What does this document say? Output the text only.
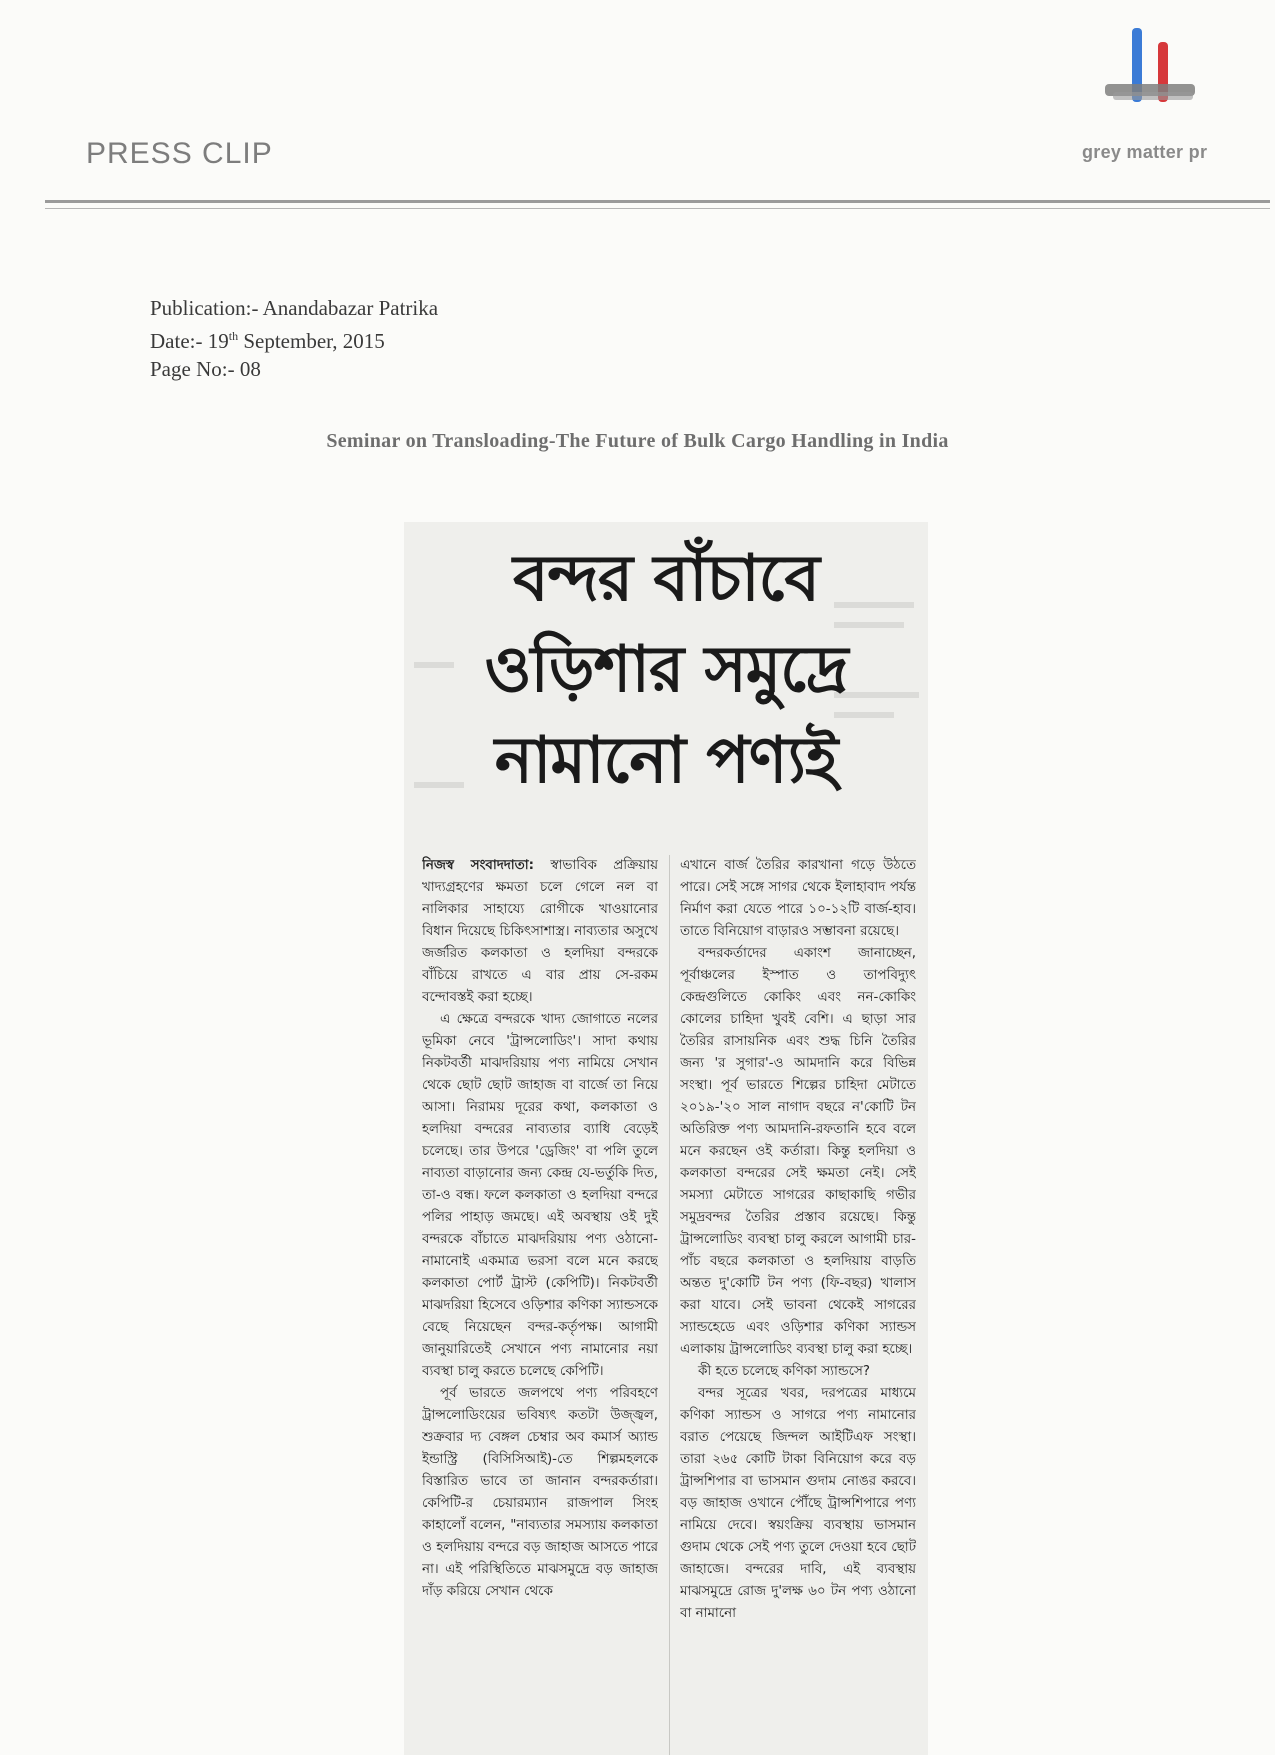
PRESS CLIP	grey matter pr
Publication:- Anandabazar Patrika
Date:- 19th September, 2015
Page No:- 08
Seminar on Transloading-The Future of Bulk Cargo Handling in India
বন্দর বাঁচাবে
ওড়িশার সমুদ্রে
নামানো পণ্যই

নিজস্ব সংবাদদাতা: স্বাভাবিক প্রক্রিয়ায় খাদ্যগ্রহণের ক্ষমতা চলে গেলে নল বা নালিকার সাহায্যে রোগীকে খাওয়ানোর বিধান দিয়েছে চিকিৎসাশাস্ত্র। নাব্যতার অসুখে জর্জরিত কলকাতা ও হলদিয়া বন্দরকে বাঁচিয়ে রাখতে এ বার প্রায় সে-রকম বন্দোবস্তই করা হচ্ছে।

এ ক্ষেত্রে বন্দরকে খাদ্য জোগাতে নলের ভূমিকা নেবে 'ট্রান্সলোডিং'। সাদা কথায় নিকটবর্তী মাঝদরিয়ায় পণ্য নামিয়ে সেখান থেকে ছোট ছোট জাহাজ বা বার্জে তা নিয়ে আসা। নিরাময় দূরের কথা, কলকাতা ও হলদিয়া বন্দরের নাব্যতার ব্যাধি বেড়েই চলেছে। তার উপরে 'ড্রেজিং' বা পলি তুলে নাব্যতা বাড়ানোর জন্য কেন্দ্র যে-ভর্তুকি দিত, তা-ও বন্ধ। ফলে কলকাতা ও হলদিয়া বন্দরে পলির পাহাড় জমছে। এই অবস্থায় ওই দুই বন্দরকে বাঁচাতে মাঝদরিয়ায় পণ্য ওঠানো-নামানোই একমাত্র ভরসা বলে মনে করছে কলকাতা পোর্ট ট্রাস্ট (কেপিটি)। নিকটবর্তী মাঝদরিয়া হিসেবে ওড়িশার কণিকা স্যান্ডসকে বেছে নিয়েছেন বন্দর-কর্তৃপক্ষ। আগামী জানুয়ারিতেই সেখানে পণ্য নামানোর নয়া ব্যবস্থা চালু করতে চলেছে কেপিটি।

পূর্ব ভারতে জলপথে পণ্য পরিবহণে ট্রান্সলোডিংয়ের ভবিষ্যৎ কতটা উজ্জ্বল, শুক্রবার দ্য বেঙ্গল চেম্বার অব কমার্স অ্যান্ড ইন্ডাস্ট্রি (বিসিসিআই)-তে শিল্পমহলকে বিস্তারিত ভাবে তা জানান বন্দরকর্তারা। কেপিটি-র চেয়ারম্যান রাজপাল সিংহ কাহালোঁ বলেন, "নাব্যতার সমস্যায় কলকাতা ও হলদিয়ায় বন্দরে বড় জাহাজ আসতে পারে না। এই পরিস্থিতিতে মাঝসমুদ্রে বড় জাহাজ দাঁড় করিয়ে সেখান থেকে

এখানে বার্জ তৈরির কারখানা গড়ে উঠতে পারে। সেই সঙ্গে সাগর থেকে ইলাহাবাদ পর্যন্ত নির্মাণ করা যেতে পারে ১০-১২টি বার্জ-হাব। তাতে বিনিয়োগ বাড়ারও সম্ভাবনা রয়েছে।

বন্দরকর্তাদের একাংশ জানাচ্ছেন, পূর্বাঞ্চলের ইস্পাত ও তাপবিদ্যুৎ কেন্দ্রগুলিতে কোকিং এবং নন-কোকিং কোলের চাহিদা খুবই বেশি। এ ছাড়া সার তৈরির রাসায়নিক এবং শুদ্ধ চিনি তৈরির জন্য 'র সুগার'-ও আমদানি করে বিভিন্ন সংস্থা। পূর্ব ভারতে শিল্পের চাহিদা মেটাতে ২০১৯-'২০ সাল নাগাদ বছরে ন'কোটি টন অতিরিক্ত পণ্য আমদানি-রফতানি হবে বলে মনে করছেন ওই কর্তারা। কিন্তু হলদিয়া ও কলকাতা বন্দরের সেই ক্ষমতা নেই। সেই সমস্যা মেটাতে সাগরের কাছাকাছি গভীর সমুদ্রবন্দর তৈরির প্রস্তাব রয়েছে। কিন্তু ট্রান্সলোডিং ব্যবস্থা চালু করলে আগামী চার-পাঁচ বছরে কলকাতা ও হলদিয়ায় বাড়তি অন্তত দু'কোটি টন পণ্য (ফি-বছর) খালাস করা যাবে। সেই ভাবনা থেকেই সাগরের স্যান্ডহেডে এবং ওড়িশার কণিকা স্যান্ডস এলাকায় ট্রান্সলোডিং ব্যবস্থা চালু করা হচ্ছে।

কী হতে চলেছে কণিকা স্যান্ডসে?

বন্দর সূত্রের খবর, দরপত্রের মাধ্যমে কণিকা স্যান্ডস ও সাগরে পণ্য নামানোর বরাত পেয়েছে জিন্দল আইটিএফ সংস্থা। তারা ২৬৫ কোটি টাকা বিনিয়োগ করে বড় ট্রান্সশিপার বা ভাসমান গুদাম নোঙর করবে। বড় জাহাজ ওখানে পৌঁছে ট্রান্সশিপারে পণ্য নামিয়ে দেবে। স্বয়ংক্রিয় ব্যবস্থায় ভাসমান গুদাম থেকে সেই পণ্য তুলে দেওয়া হবে ছোট জাহাজে। বন্দরের দাবি, এই ব্যবস্থায় মাঝসমুদ্রে রোজ দু'লক্ষ ৬০ টন পণ্য ওঠানো বা নামানো
